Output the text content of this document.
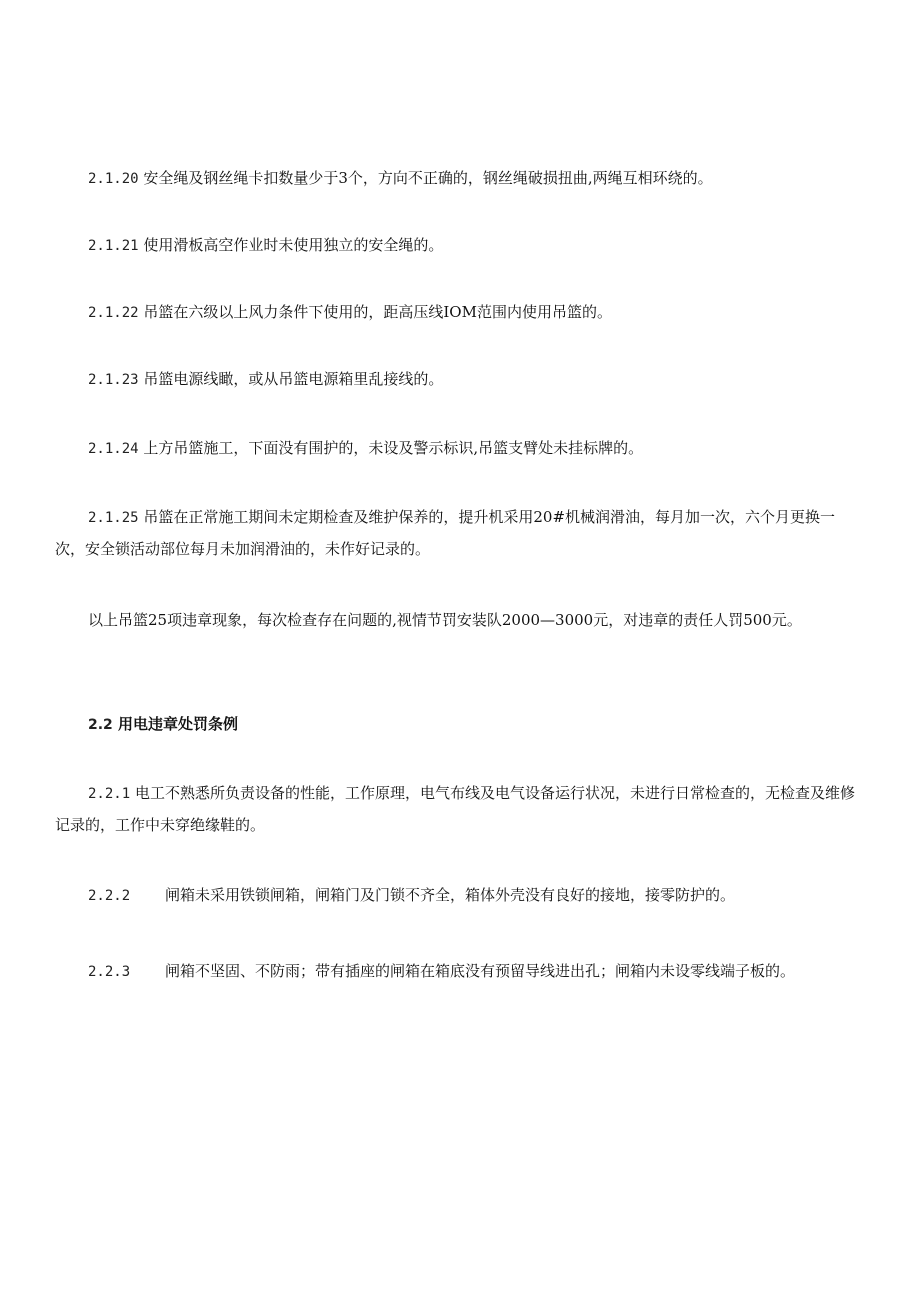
2.1.20 安全绳及钢丝绳卡扣数量少于3个，方向不正确的，钢丝绳破损扭曲,两绳互相环绕的。

2.1.21 使用滑板高空作业时未使用独立的安全绳的。

2.1.22 吊篮在六级以上风力条件下使用的，距高压线IOM范围内使用吊篮的。

2.1.23 吊篮电源线瞰，或从吊篮电源箱里乱接线的。

2.1.24 上方吊篮施工，下面没有围护的，未设及警示标识,吊篮支臂处未挂标牌的。

2.1.25 吊篮在正常施工期间未定期检查及维护保养的，提升机采用20#机械润滑油，每月加一次，六个月更换一次，安全锁活动部位每月未加润滑油的，未作好记录的。

以上吊篮25项违章现象，每次检查存在问题的,视情节罚安装队2000—3000元，对违章的责任人罚500元。

2.2 用电违章处罚条例

2.2.1 电工不熟悉所负责设备的性能，工作原理，电气布线及电气设备运行状况，未进行日常检查的，无检查及维修记录的，工作中未穿绝缘鞋的。

2.2.2 闸箱未采用铁锁闸箱，闸箱门及门锁不齐全，箱体外壳没有良好的接地，接零防护的。

2.2.3 闸箱不坚固、不防雨；带有插座的闸箱在箱底没有预留导线进出孔；闸箱内未设零线端子板的。
